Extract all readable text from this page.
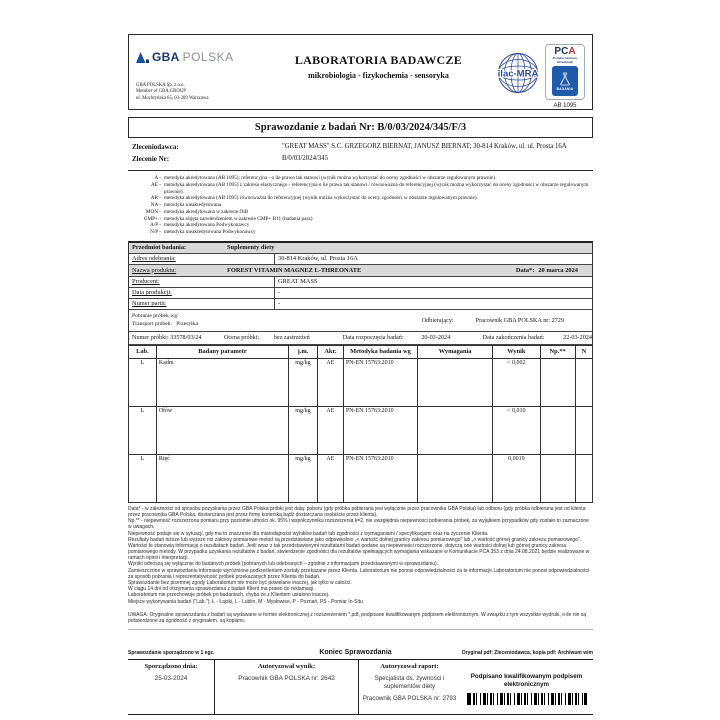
GBA POLSKA
GBA POLSKA Sp. z o.o.
Member of GBA GROUP
ul. Mochtyńska 65, 03-289 Warszawa
LABORATORIA BADAWCZE
mikrobiologia - fizykochemia - sensoryka	ilac-MRA
PCA
Polskie Centrum
Akredytacji
BADANIA
AB 1095
Sprawozdanie z badań Nr: B/0/03/2024/345/F/3
Zleceniodawca:	"GREAT MASS" S.C. GRZEGORZ BIERNAT, JANUSZ BIERNAT; 30-814 Kraków, ul. ul. Prosta 16A
Zlecenie Nr:	B/0/03/2024/345
A - metodyka akredytowana (AB 1095); referencyjna - o ile prawo tak stanowi (wynik można wykorzystać do oceny zgodności w obszarze regulowanym prawnie).
AE - metodyka akredytowana (AB 1095) z zakresu elastycznego - referencyjna o ile prawo tak stanowi / równoważna do referencyjnej (wynik można wykorzystać do oceny zgodności w obszarze regulowanym prawnie).
AR - metodyka akredytowana (AB 1095) równoważna do referencyjnej (wynik można wykorzystać do oceny zgodności w obszarze regulowanym prawnie).
NA - metodyka nieakredytowana
MON - metodyka akredytowana w zakresie OiB
GMP+ - metodyka objęta zatwierdzeniem w zakresie GMP+ B11 (badania pasz)
A/P - metodyka akredytowana Podwykonawcy
N/P - metodyka nieakredytowana Podwykonawcy
Przedmiot badania:	Suplementy diety
Adres odebrania:	30-814 Kraków, ul. Prosta 16A
Nazwa produktu:	FOREST VITAMIN MAGNEZ L-THREONATE	Data*: 20 marca 2024
Producent:	GREAT MASS
Data produkcji:	-
Numer partii:	-
Pobranie próbek wg:
Transport próbek: Przesyłka
Odbierający:	Pracownik GBA POLSKA nr: 2729
Numer próbki: 33578/03/24	Ocena próbki:	bez zastrzeżeń	Data rozpoczęcia badań:	20-03-2024	Data zakończenia badań:	22-03-2024
Lab.	Badany parametr	j.m.	Akr.	Metodyka badania wg	Wymagania	Wynik	Np.**	N
L	Kadm	mg/kg	AE	PN-EN 15763:2010		< 0,002		
L	Ołów	mg/kg	AE	PN-EN 15763:2010		< 0,010		
L	Rtęć	mg/kg	AE	PN-EN 15763:2010		0,0019		

Data* - w zależności od sposobu pozyskania przez GBA Polska próbki jest datą: poboru (gdy próbka pobierana jest wyłącznie przez pracownika GBA Polska) lub odbioru (gdy próbka odbierana jest od klienta przez pracownika GBA Polska, dostarczana jest przez firmę kurierską bądź dostarczana osobiście przez klienta).

Np.** - niepewność rozszerzona pomiaru przy poziomie ufności ok. 95% i współczynniku rozszerzenia k=2, nie uwzględnia niepewności pobierania próbek, za wyjątkiem przypadków gdy zostało to zaznaczone w uwagach.

Niepewność podaje się w sytuacji, gdy ma to znaczenie dla miarodajności wyników badań lub zgodności z wymaganiami / specyfikacjami oraz na życzenie Klienta.

Rezultaty badań niższe lub wyższe niż zakresy pomiarowe metod są przedstawiane jako odpowiednio „< wartość dolnej granicy zakresu pomiarowego” lub „> wartość górnej granicy zakresu pomiarowego”. Wartości te stanowią informację o rezultatach badań. Jeśli wraz z tak przedstawionymi rezultatami badań podane są niepewności rozszerzone, dotyczą one wartości dolnej lub górnej granicy zakresu pomiarowego metody. W przypadku uzyskania rezultatów z badań, stwierdzenie zgodności dla rezultatów spełniających wymagania wskazane w Komunikacie PCA 353 z dnia 24.08.2021 będzie realizowane w ramach opinii i interpretacji.

Wyniki odnoszą się wyłącznie do badanych próbek (pobranych lub odebranych – zgodnie z informacjami przedstawionymi w sprawozdaniu).

Zamieszczone w sprawozdaniu informacje wyróżnione podkreśleniem zostały przekazane przez Klienta. Laboratorium nie ponosi odpowiedzialności za te informacje.Laboratorium nie ponosi odpowiedzialności za sposób pobrania i reprezentatywność próbek przekazanych przez Klienta do badań.

Sprawozdanie bez pisemnej zgody Laboratorium nie może być powielane inaczej, jak tylko w całości.

W ciągu 14 dni od otrzymania sprawozdania z badań Klient ma prawo do reklamacji.

Laboratorium nie przechowuje próbek po badaniach, chyba że z Klientem ustalono inaczej.

Miejsce wykonywania badań ("Lab."): Ł - Łajski, L - Lublin, M - Mysłowice, P - Poznań, PS - Pomiar In-Situ

UWAGA: Oryginalne sprawozdania z badań są wydawane w formie elektronicznej z rozszerzeniem *.pdf, podpisane kwalifikowanym podpisem elektronicznym. W związku z tym wszystkie wydruki, o ile nie są potwierdzone za zgodność z oryginałem, są kopiami.
Sprawozdanie sporządzono w 1 egz.	Koniec Sprawozdania	Oryginał pdf: Zleceniodawca, kopia pdf: Archiwum wim
Sporządzono dnia:
25-03-2024
Autoryzował wynik:
Pracownik GBA POLSKA nr: 2642
Autoryzował raport:
Specjalista ds. żywności i suplementów diety
Pracownik GBA POLSKA nr: 2793
Podpisano kwalifikowanym podpisem elektronicznym
